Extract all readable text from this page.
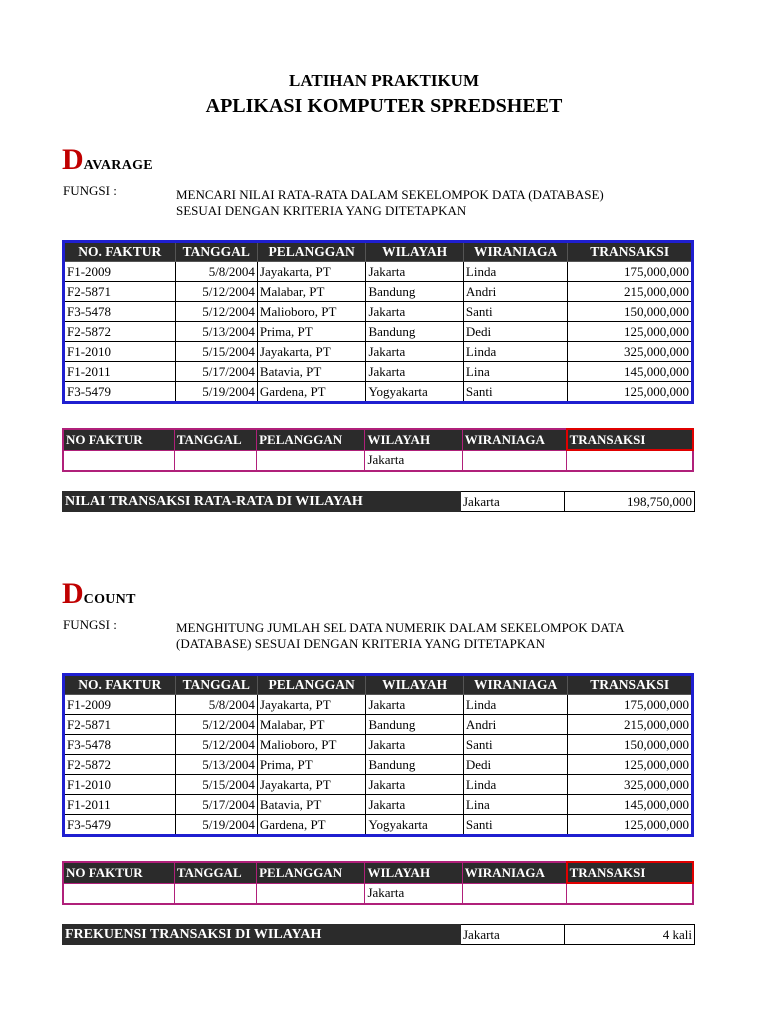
LATIHAN PRAKTIKUM
APLIKASI KOMPUTER SPREDSHEET
DAVARAGE
FUNGSI :	MENCARI NILAI RATA-RATA DALAM SEKELOMPOK DATA (DATABASE)
SESUAI DENGAN KRITERIA YANG DITETAPKAN
NO. FAKTUR	TANGGAL	PELANGGAN	WILAYAH	WIRANIAGA	TRANSAKSI
F1-2009	5/8/2004	Jayakarta, PT	Jakarta	Linda	175,000,000
F2-5871	5/12/2004	Malabar, PT	Bandung	Andri	215,000,000
F3-5478	5/12/2004	Malioboro, PT	Jakarta	Santi	150,000,000
F2-5872	5/13/2004	Prima, PT	Bandung	Dedi	125,000,000
F1-2010	5/15/2004	Jayakarta, PT	Jakarta	Linda	325,000,000
F1-2011	5/17/2004	Batavia, PT	Jakarta	Lina	145,000,000
F3-5479	5/19/2004	Gardena, PT	Yogyakarta	Santi	125,000,000
NO FAKTUR	TANGGAL	PELANGGAN	WILAYAH	WIRANIAGA	TRANSAKSI
			Jakarta		
NILAI TRANSAKSI RATA-RATA DI WILAYAH	Jakarta	198,750,000
DCOUNT
FUNGSI :	MENGHITUNG JUMLAH SEL DATA NUMERIK DALAM SEKELOMPOK DATA
(DATABASE) SESUAI DENGAN KRITERIA YANG DITETAPKAN
NO. FAKTUR	TANGGAL	PELANGGAN	WILAYAH	WIRANIAGA	TRANSAKSI
F1-2009	5/8/2004	Jayakarta, PT	Jakarta	Linda	175,000,000
F2-5871	5/12/2004	Malabar, PT	Bandung	Andri	215,000,000
F3-5478	5/12/2004	Malioboro, PT	Jakarta	Santi	150,000,000
F2-5872	5/13/2004	Prima, PT	Bandung	Dedi	125,000,000
F1-2010	5/15/2004	Jayakarta, PT	Jakarta	Linda	325,000,000
F1-2011	5/17/2004	Batavia, PT	Jakarta	Lina	145,000,000
F3-5479	5/19/2004	Gardena, PT	Yogyakarta	Santi	125,000,000
NO FAKTUR	TANGGAL	PELANGGAN	WILAYAH	WIRANIAGA	TRANSAKSI
			Jakarta		
FREKUENSI TRANSAKSI DI WILAYAH	Jakarta	4 kali
